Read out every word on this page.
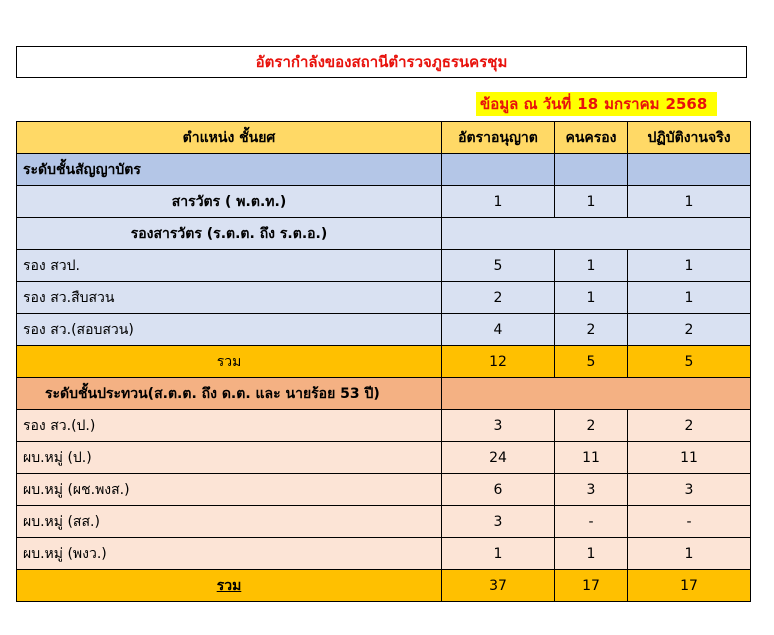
อัตรากำลังของสถานีตำรวจภูธรนครชุม
ข้อมูล ณ วันที่ 18 มกราคม 2568
ตำแหน่ง ชั้นยศ	อัตราอนุญาต	คนครอง	ปฏิบัติงานจริง
ระดับชั้นสัญญาบัตร			
สารวัตร ( พ.ต.ท.)	1	1	1
รองสารวัตร (ร.ต.ต. ถึง ร.ต.อ.)			
รอง สวป.	5	1	1
รอง สว.สืบสวน	2	1	1
รอง สว.(สอบสวน)	4	2	2
รวม	12	5	5
ระดับชั้นประทวน(ส.ต.ต. ถึง ด.ต. และ นายร้อย 53 ปี)			
รอง สว.(ป.)	3	2	2
ผบ.หมู่ (ป.)	24	11	11
ผบ.หมู่ (ผช.พงส.)	6	3	3
ผบ.หมู่ (สส.)	3	-	-
ผบ.หมู่ (พงว.)	1	1	1
รวม	37	17	17
